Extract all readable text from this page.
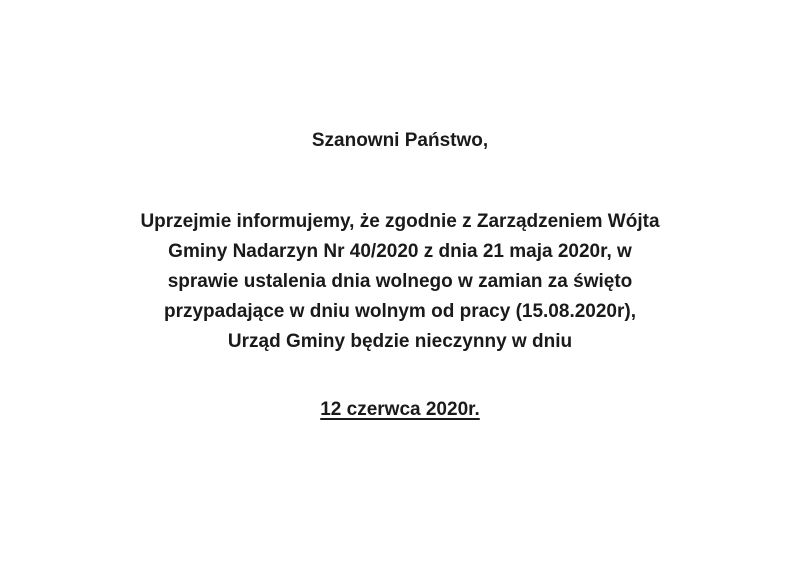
Szanowni Państwo,

Uprzejmie informujemy, że zgodnie z Zarządzeniem Wójta
Gminy Nadarzyn Nr 40/2020 z dnia 21 maja 2020r, w
sprawie ustalenia dnia wolnego w zamian za święto
przypadające w dniu wolnym od pracy (15.08.2020r),
Urząd Gminy będzie nieczynny w dniu

12 czerwca 2020r.
